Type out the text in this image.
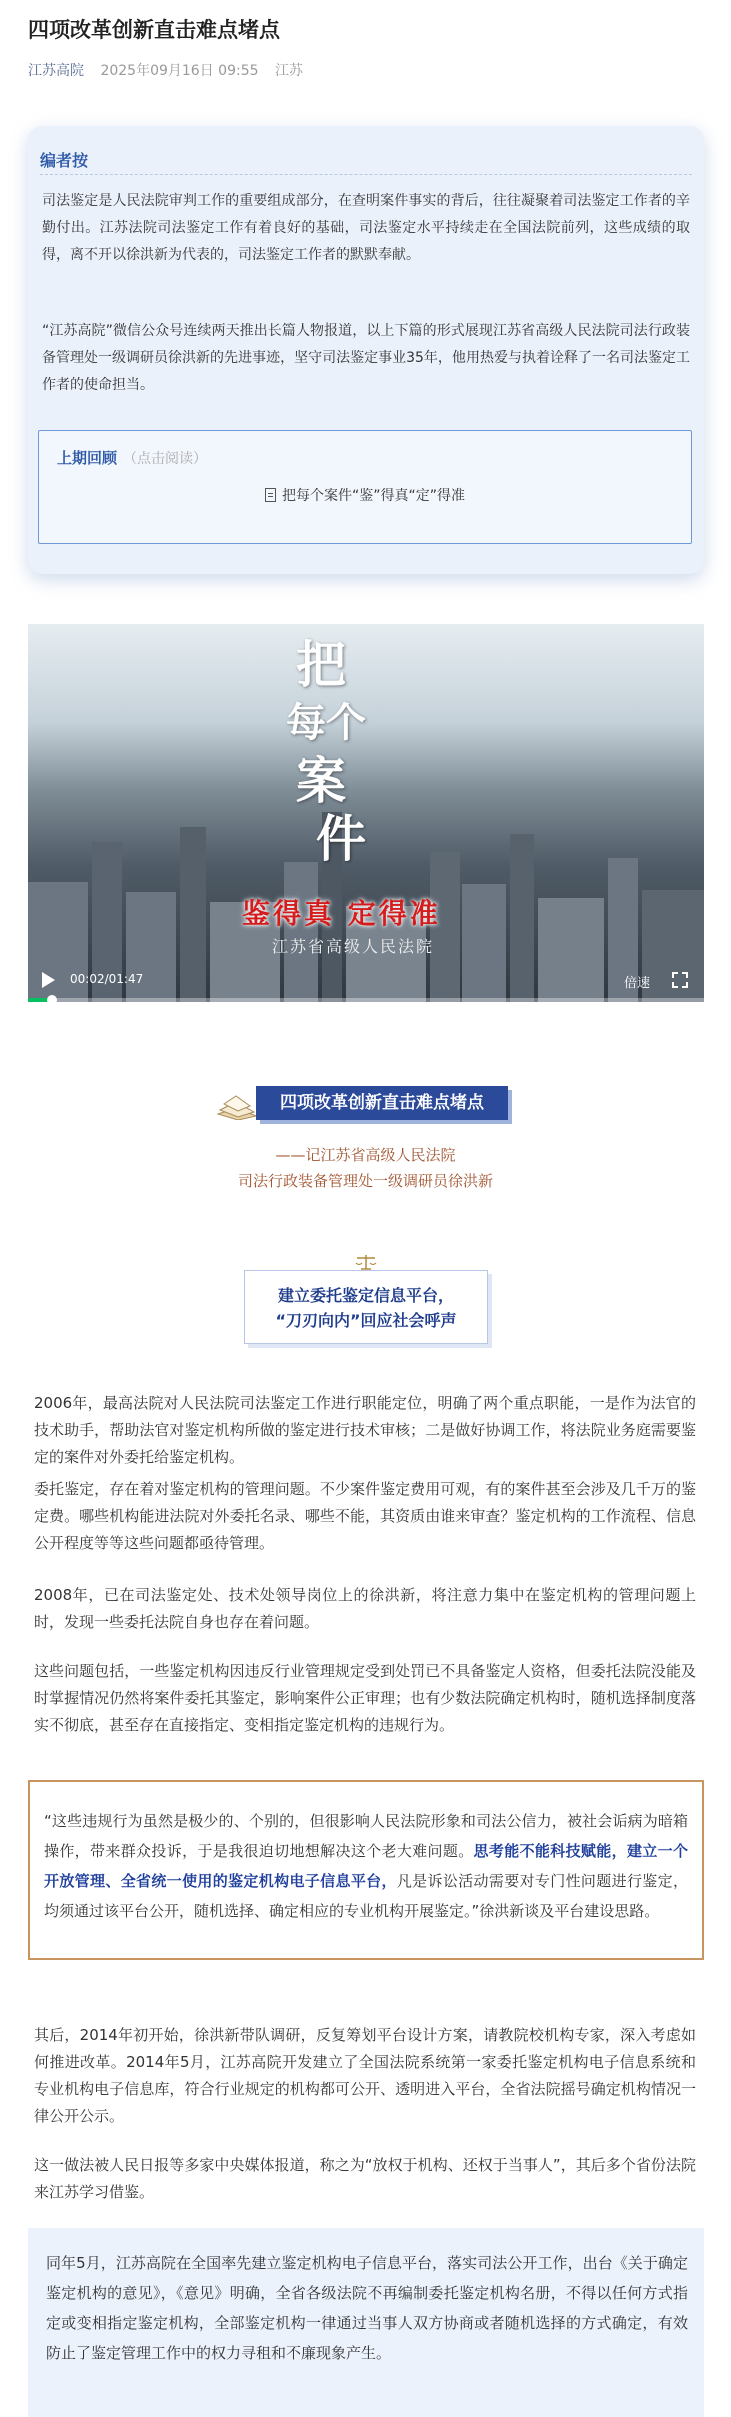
四项改革创新直击难点堵点
江苏高院 2025年09月16日 09:55 江苏
编者按
司法鉴定是人民法院审判工作的重要组成部分，在查明案件事实的背后，往往凝聚着司法鉴定工作者的辛勤付出。江苏法院司法鉴定工作有着良好的基础，司法鉴定水平持续走在全国法院前列，这些成绩的取得，离不开以徐洪新为代表的，司法鉴定工作者的默默奉献。
“江苏高院”微信公众号连续两天推出长篇人物报道，以上下篇的形式展现江苏省高级人民法院司法行政装备管理处一级调研员徐洪新的先进事迹，坚守司法鉴定事业35年，他用热爱与执着诠释了一名司法鉴定工作者的使命担当。
上期回顾 （点击阅读）
把每个案件“鉴”得真“定”得准
把
每个
案
件
鉴得真 定得准
江苏省高级人民法院
00:02/01:47	倍速
四项改革创新直击难点堵点
——记江苏省高级人民法院
司法行政装备管理处一级调研员徐洪新
建立委托鉴定信息平台，
“刀刃向内”回应社会呼声
2006年，最高法院对人民法院司法鉴定工作进行职能定位，明确了两个重点职能，一是作为法官的技术助手，帮助法官对鉴定机构所做的鉴定进行技术审核；二是做好协调工作，将法院业务庭需要鉴定的案件对外委托给鉴定机构。
委托鉴定，存在着对鉴定机构的管理问题。不少案件鉴定费用可观，有的案件甚至会涉及几千万的鉴定费。哪些机构能进法院对外委托名录、哪些不能，其资质由谁来审查？鉴定机构的工作流程、信息公开程度等等这些问题都亟待管理。
2008年，已在司法鉴定处、技术处领导岗位上的徐洪新，将注意力集中在鉴定机构的管理问题上时，发现一些委托法院自身也存在着问题。
这些问题包括，一些鉴定机构因违反行业管理规定受到处罚已不具备鉴定人资格，但委托法院没能及时掌握情况仍然将案件委托其鉴定，影响案件公正审理；也有少数法院确定机构时，随机选择制度落实不彻底，甚至存在直接指定、变相指定鉴定机构的违规行为。
“这些违规行为虽然是极少的、个别的，但很影响人民法院形象和司法公信力，被社会诟病为暗箱操作，带来群众投诉，于是我很迫切地想解决这个老大难问题。思考能不能科技赋能，建立一个开放管理、全省统一使用的鉴定机构电子信息平台，凡是诉讼活动需要对专门性问题进行鉴定，均须通过该平台公开，随机选择、确定相应的专业机构开展鉴定。”徐洪新谈及平台建设思路。
其后，2014年初开始，徐洪新带队调研，反复筹划平台设计方案，请教院校机构专家，深入考虑如何推进改革。2014年5月，江苏高院开发建立了全国法院系统第一家委托鉴定机构电子信息系统和专业机构电子信息库，符合行业规定的机构都可公开、透明进入平台，全省法院摇号确定机构情况一律公开公示。
这一做法被人民日报等多家中央媒体报道，称之为“放权于机构、还权于当事人”，其后多个省份法院来江苏学习借鉴。
同年5月，江苏高院在全国率先建立鉴定机构电子信息平台，落实司法公开工作，出台《关于确定鉴定机构的意见》，《意见》明确，全省各级法院不再编制委托鉴定机构名册，不得以任何方式指定或变相指定鉴定机构，全部鉴定机构一律通过当事人双方协商或者随机选择的方式确定，有效防止了鉴定管理工作中的权力寻租和不廉现象产生。
